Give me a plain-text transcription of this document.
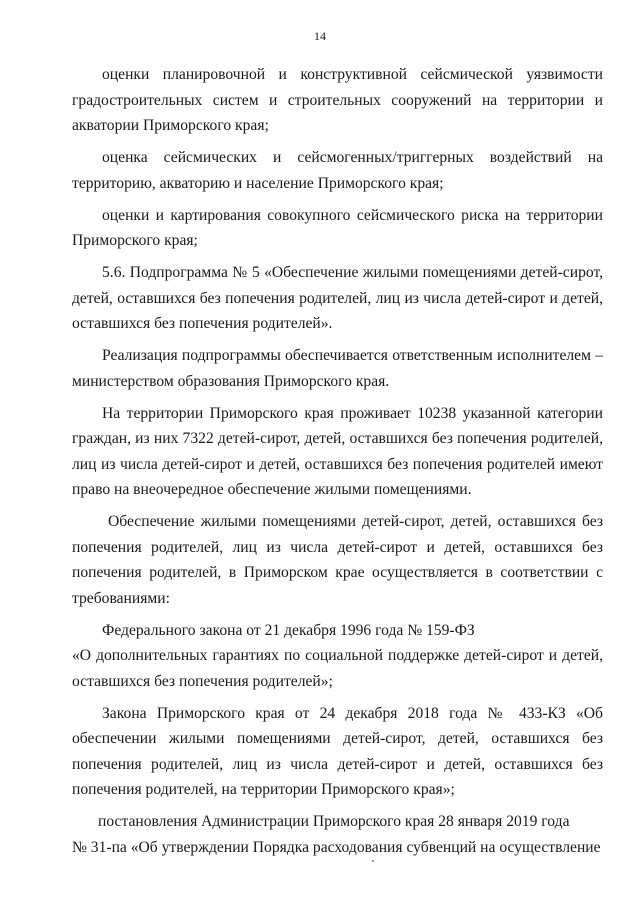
14

оценки планировочной и конструктивной сейсмической уязвимости градостроительных систем и строительных сооружений на территории и акватории Приморского края;

оценка сейсмических и сейсмогенных/триггерных воздействий на территорию, акваторию и население Приморского края;

оценки и картирования совокупного сейсмического риска на территории Приморского края;

5.6. Подпрограмма № 5 «Обеспечение жилыми помещениями детей-сирот, детей, оставшихся без попечения родителей, лиц из числа детей-сирот и детей, оставшихся без попечения родителей».

Реализация подпрограммы обеспечивается ответственным исполнителем – министерством образования Приморского края.

На территории Приморского края проживает 10238 указанной категории граждан, из них 7322 детей-сирот, детей, оставшихся без попечения родителей, лиц из числа детей-сирот и детей, оставшихся без попечения родителей имеют право на внеочередное обеспечение жилыми помещениями.

Обеспечение жилыми помещениями детей-сирот, детей, оставшихся без попечения родителей, лиц из числа детей-сирот и детей, оставшихся без попечения родителей, в Приморском крае осуществляется в соответствии с требованиями:

Федерального закона от 21 декабря 1996 года № 159-ФЗ

«О дополнительных гарантиях по социальной поддержке детей-сирот и детей, оставшихся без попечения родителей»;

Закона Приморского края от 24 декабря 2018 года № 433-КЗ «Об обеспечении жилыми помещениями детей-сирот, детей, оставшихся без попечения родителей, лиц из числа детей-сирот и детей, оставшихся без попечения родителей, на территории Приморского края»;

постановления Администрации Приморского края 28 января 2019 года

№ 31-па «Об утверждении Порядка расходования субвенций на осуществление
